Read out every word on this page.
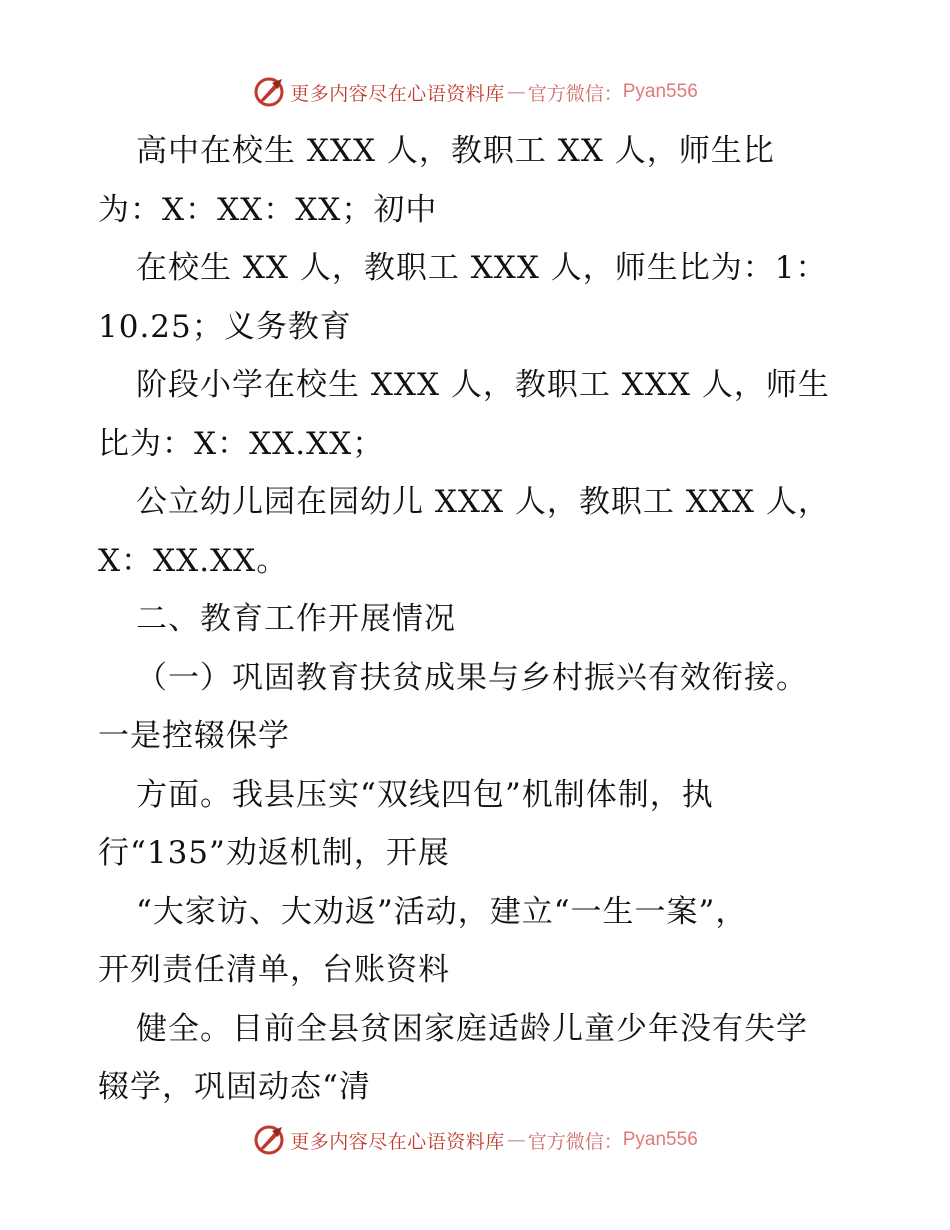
更多内容尽在心语资料库 — 官方微信： Pyan556
高中在校生 XXX 人，教职工 XX 人，师生比
为：X：XX：XX；初中
在校生 XX 人，教职工 XXX 人，师生比为：1：
10.25；义务教育
阶段小学在校生 XXX 人，教职工 XXX 人，师生
比为：X：XX.XX；
公立幼儿园在园幼儿 XXX 人，教职工 XXX 人，
X：XX.XX。
二、教育工作开展情况
（一）巩固教育扶贫成果与乡村振兴有效衔接。
一是控辍保学
方面。我县压实“双线四包”机制体制，执
行“135”劝返机制，开展
“大家访、大劝返”活动，建立“一生一案”，
开列责任清单，台账资料
健全。目前全县贫困家庭适龄儿童少年没有失学
辍学，巩固动态“清
更多内容尽在心语资料库 — 官方微信： Pyan556
